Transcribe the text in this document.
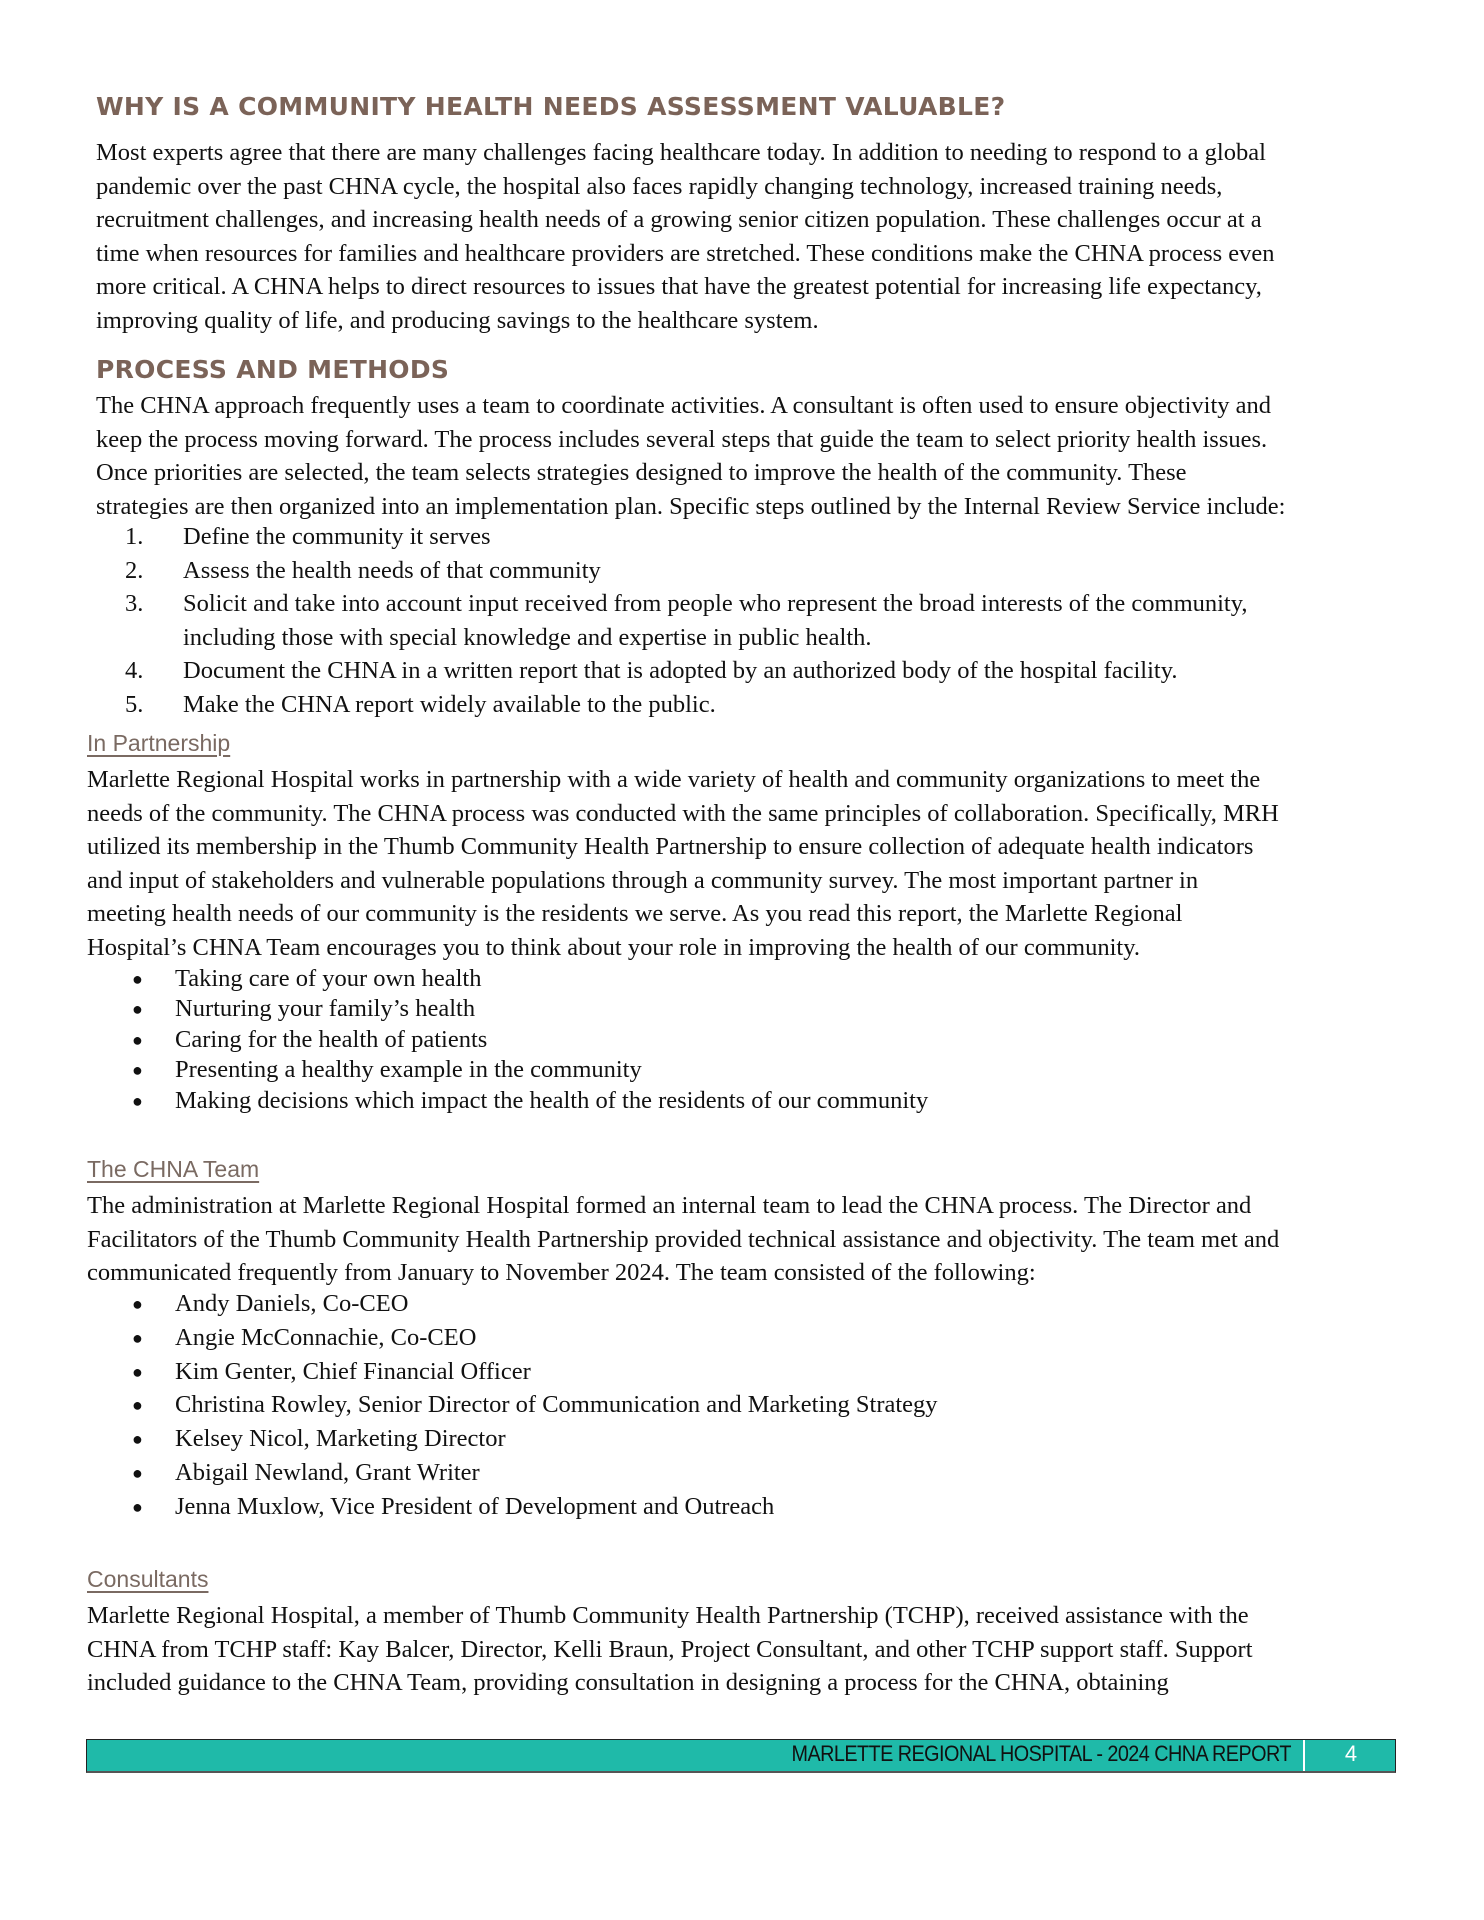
WHY IS A COMMUNITY HEALTH NEEDS ASSESSMENT VALUABLE?
Most experts agree that there are many challenges facing healthcare today. In addition to needing to respond to a global
pandemic over the past CHNA cycle, the hospital also faces rapidly changing technology, increased training needs,
recruitment challenges, and increasing health needs of a growing senior citizen population. These challenges occur at a
time when resources for families and healthcare providers are stretched. These conditions make the CHNA process even
more critical. A CHNA helps to direct resources to issues that have the greatest potential for increasing life expectancy,
improving quality of life, and producing savings to the healthcare system.
PROCESS AND METHODS
The CHNA approach frequently uses a team to coordinate activities. A consultant is often used to ensure objectivity and
keep the process moving forward. The process includes several steps that guide the team to select priority health issues.
Once priorities are selected, the team selects strategies designed to improve the health of the community. These
strategies are then organized into an implementation plan. Specific steps outlined by the Internal Review Service include:
1. Define the community it serves
2. Assess the health needs of that community
3. Solicit and take into account input received from people who represent the broad interests of the community,
including those with special knowledge and expertise in public health.
4. Document the CHNA in a written report that is adopted by an authorized body of the hospital facility.
5. Make the CHNA report widely available to the public.
In Partnership
Marlette Regional Hospital works in partnership with a wide variety of health and community organizations to meet the
needs of the community. The CHNA process was conducted with the same principles of collaboration. Specifically, MRH
utilized its membership in the Thumb Community Health Partnership to ensure collection of adequate health indicators
and input of stakeholders and vulnerable populations through a community survey. The most important partner in
meeting health needs of our community is the residents we serve. As you read this report, the Marlette Regional
Hospital’s CHNA Team encourages you to think about your role in improving the health of our community.
● Taking care of your own health
● Nurturing your family’s health
● Caring for the health of patients
● Presenting a healthy example in the community
● Making decisions which impact the health of the residents of our community
The CHNA Team
The administration at Marlette Regional Hospital formed an internal team to lead the CHNA process. The Director and
Facilitators of the Thumb Community Health Partnership provided technical assistance and objectivity. The team met and
communicated frequently from January to November 2024. The team consisted of the following:
● Andy Daniels, Co-CEO
● Angie McConnachie, Co-CEO
● Kim Genter, Chief Financial Officer
● Christina Rowley, Senior Director of Communication and Marketing Strategy
● Kelsey Nicol, Marketing Director
● Abigail Newland, Grant Writer
● Jenna Muxlow, Vice President of Development and Outreach
Consultants
Marlette Regional Hospital, a member of Thumb Community Health Partnership (TCHP), received assistance with the
CHNA from TCHP staff: Kay Balcer, Director, Kelli Braun, Project Consultant, and other TCHP support staff. Support
included guidance to the CHNA Team, providing consultation in designing a process for the CHNA, obtaining
MARLETTE REGIONAL HOSPITAL - 2024 CHNA REPORT	4
